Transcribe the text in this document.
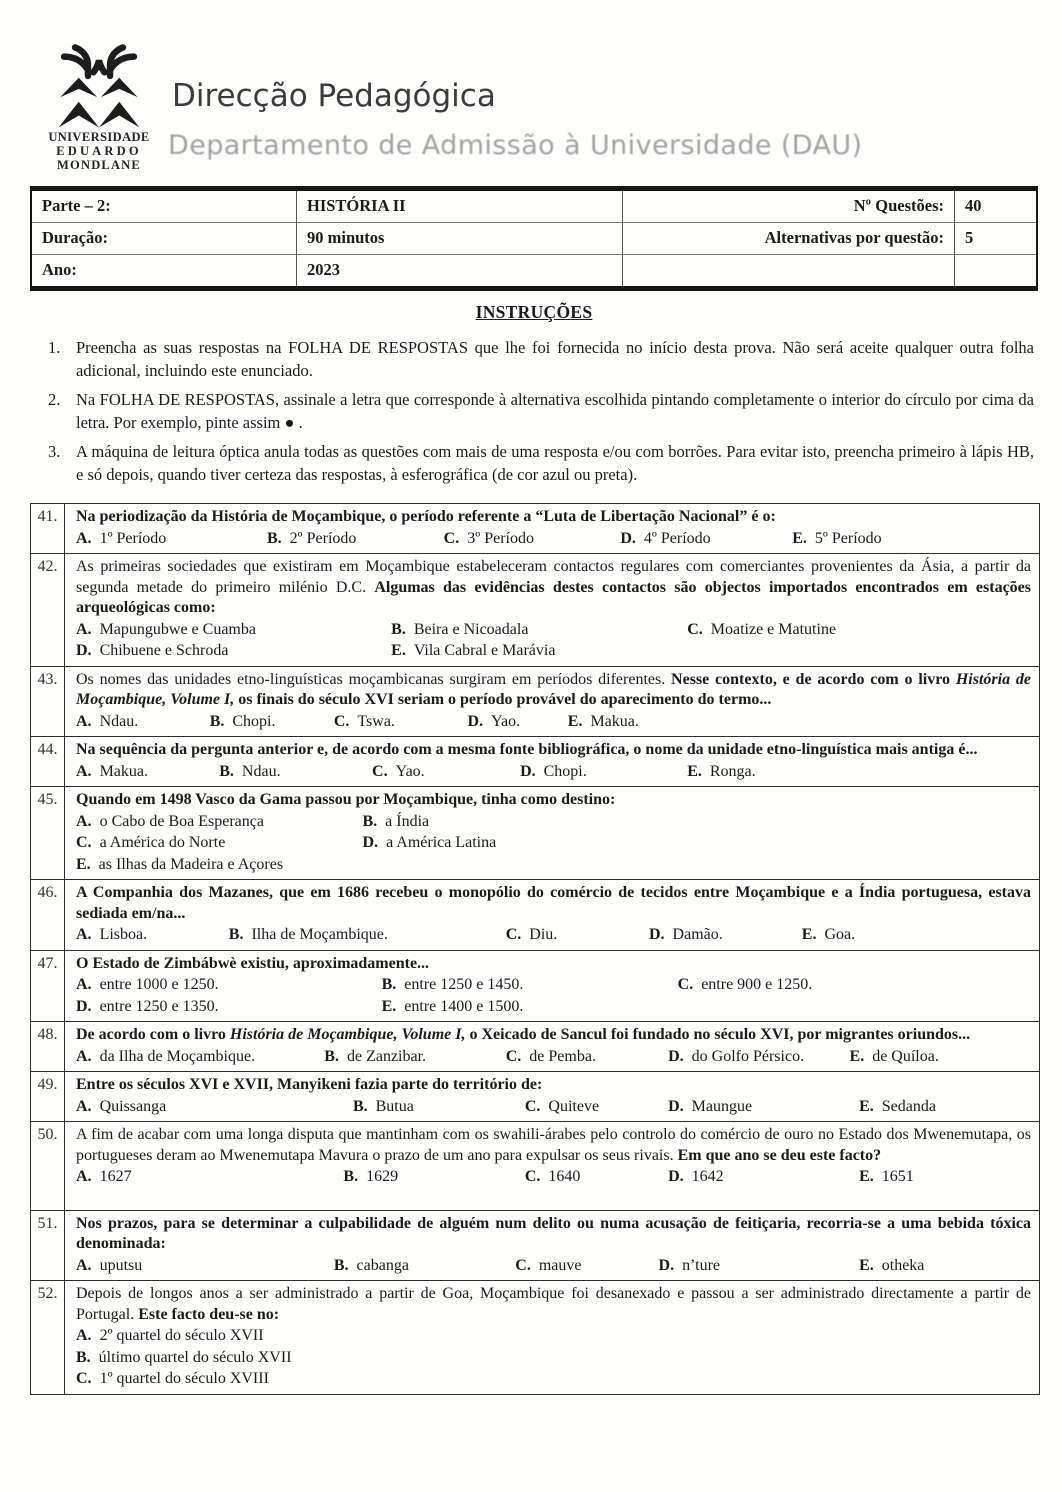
UNIVERSIDADE
EDUARDO
MONDLANE
Direcção Pedagógica
Departamento de Admissão à Universidade (DAU)
Parte – 2:	HISTÓRIA II	Nº Questões:	40
Duração:	90 minutos	Alternativas por questão:	5
Ano:	2023
INSTRUÇÕES
1. Preencha as suas respostas na FOLHA DE RESPOSTAS que lhe foi fornecida no início desta prova. Não será aceite qualquer outra folha adicional, incluindo este enunciado.
2. Na FOLHA DE RESPOSTAS, assinale a letra que corresponde à alternativa escolhida pintando completamente o interior do círculo por cima da letra. Por exemplo, pinte assim ● .
3. A máquina de leitura óptica anula todas as questões com mais de uma resposta e/ou com borrões. Para evitar isto, preencha primeiro à lápis HB, e só depois, quando tiver certeza das respostas, à esferográfica (de cor azul ou preta).
41.	Na periodização da História de Moçambique, o período referente a “Luta de Libertação Nacional” é o:
A. 1º Período	B. 2º Período	C. 3º Período	D. 4º Período	E. 5º Período
42.	As primeiras sociedades que existiram em Moçambique estabeleceram contactos regulares com comerciantes provenientes da Ásia, a partir da segunda metade do primeiro milénio D.C. Algumas das evidências destes contactos são objectos importados encontrados em estações arqueológicas como:
A. Mapungubwe e Cuamba	B. Beira e Nicoadala	C. Moatize e Matutine
D. Chibuene e Schroda	E. Vila Cabral e Marávia
43.	Os nomes das unidades etno-linguísticas moçambicanas surgiram em períodos diferentes. Nesse contexto, e de acordo com o livro História de Moçambique, Volume I, os finais do século XVI seriam o período provável do aparecimento do termo...
A. Ndau.	B. Chopi.	C. Tswa.	D. Yao.	E. Makua.
44.	Na sequência da pergunta anterior e, de acordo com a mesma fonte bibliográfica, o nome da unidade etno-linguística mais antiga é...
A. Makua.	B. Ndau.	C. Yao.	D. Chopi.	E. Ronga.
45.	Quando em 1498 Vasco da Gama passou por Moçambique, tinha como destino:
A. o Cabo de Boa Esperança	B. a Índia
C. a América do Norte	D. a América Latina
E. as Ilhas da Madeira e Açores
46.	A Companhia dos Mazanes, que em 1686 recebeu o monopólio do comércio de tecidos entre Moçambique e a Índia portuguesa, estava sediada em/na...
A. Lisboa.	B. Ilha de Moçambique.	C. Diu.	D. Damão.	E. Goa.
47.	O Estado de Zimbábwè existiu, aproximadamente...
A. entre 1000 e 1250.	B. entre 1250 e 1450.	C. entre 900 e 1250.
D. entre 1250 e 1350.	E. entre 1400 e 1500.
48.	De acordo com o livro História de Moçambique, Volume I, o Xeicado de Sancul foi fundado no século XVI, por migrantes oriundos...
A. da Ilha de Moçambique.	B. de Zanzibar.	C. de Pemba.	D. do Golfo Pérsico.	E. de Quíloa.
49.	Entre os séculos XVI e XVII, Manyikeni fazia parte do território de:
A. Quissanga	B. Butua	C. Quiteve	D. Maungue	E. Sedanda
50.	A fim de acabar com uma longa disputa que mantinham com os swahili-árabes pelo controlo do comércio de ouro no Estado dos Mwenemutapa, os portugueses deram ao Mwenemutapa Mavura o prazo de um ano para expulsar os seus rivais. Em que ano se deu este facto?
A. 1627	B. 1629	C. 1640	D. 1642	E. 1651
51.	Nos prazos, para se determinar a culpabilidade de alguém num delito ou numa acusação de feitiçaria, recorria-se a uma bebida tóxica denominada:
A. uputsu	B. cabanga	C. mauve	D. n’ture	E. otheka
52.	Depois de longos anos a ser administrado a partir de Goa, Moçambique foi desanexado e passou a ser administrado directamente a partir de Portugal. Este facto deu-se no:
A. 2º quartel do século XVII
B. último quartel do século XVII
C. 1º quartel do século XVIII
